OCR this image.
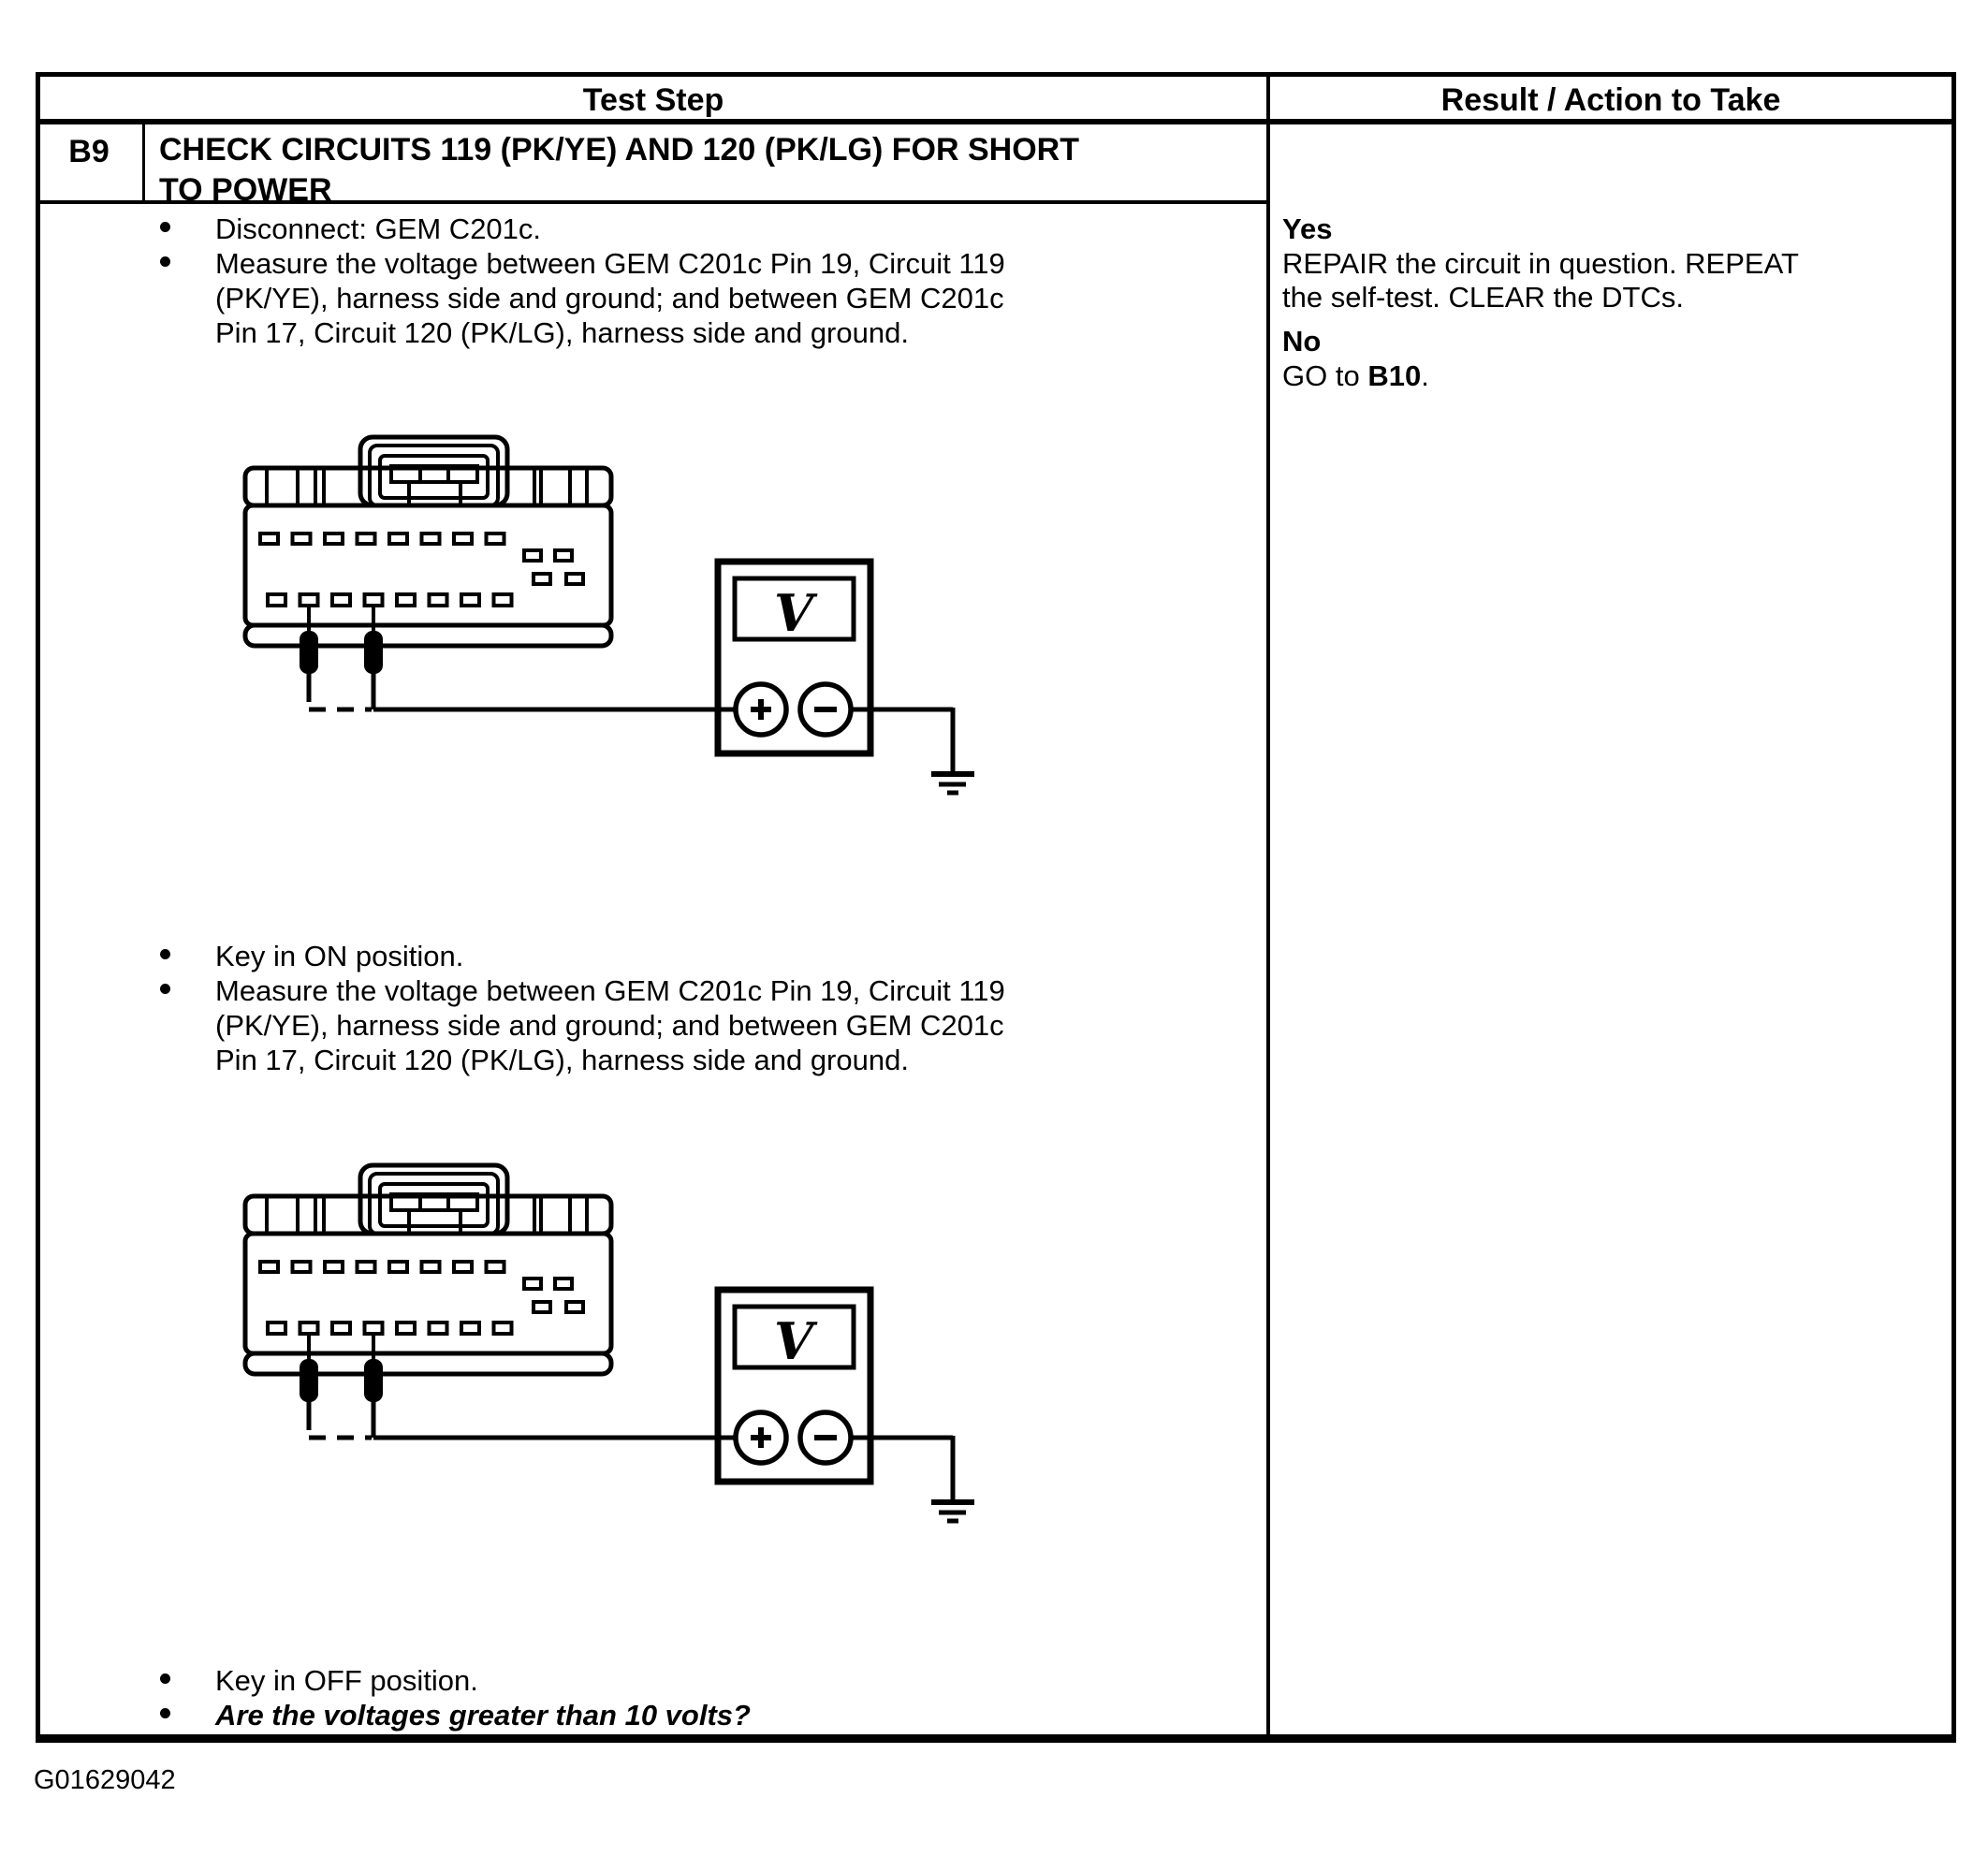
Test Step	Result / Action to Take
B9	CHECK CIRCUITS 119 (PK/YE) AND 120 (PK/LG) FOR SHORT
TO POWER
Disconnect: GEM C201c.
Measure the voltage between GEM C201c Pin 19, Circuit 119
(PK/YE), harness side and ground; and between GEM C201c
Pin 17, Circuit 120 (PK/LG), harness side and ground.
V
Key in ON position.
Measure the voltage between GEM C201c Pin 19, Circuit 119
(PK/YE), harness side and ground; and between GEM C201c
Pin 17, Circuit 120 (PK/LG), harness side and ground.
V
Key in OFF position.
Are the voltages greater than 10 volts?
Yes
REPAIR the circuit in question. REPEAT
the self-test. CLEAR the DTCs.
No
GO to B10.
G01629042
